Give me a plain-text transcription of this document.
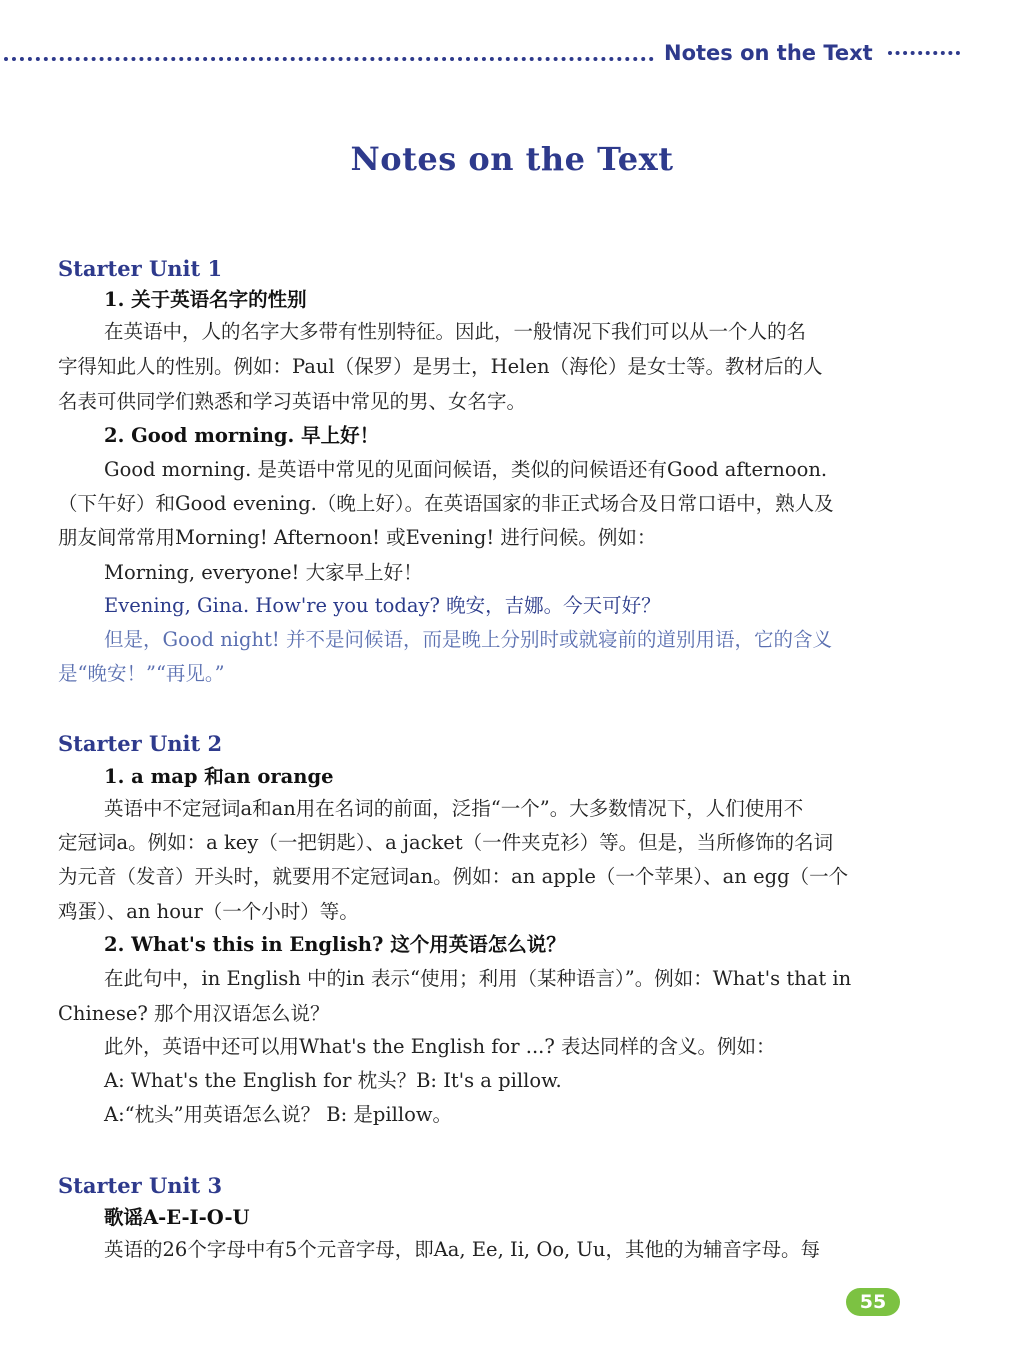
Notes on the Text
Notes on the Text
Starter Unit 1
1. 关于英语名字的性别
在英语中，人的名字大多带有性别特征。因此，一般情况下我们可以从一个人的名
字得知此人的性别。例如：Paul（保罗）是男士，Helen（海伦）是女士等。教材后的人
名表可供同学们熟悉和学习英语中常见的男、女名字。
2. Good morning. 早上好！
Good morning. 是英语中常见的见面问候语，类似的问候语还有Good afternoon.
（下午好）和Good evening.（晚上好）。在英语国家的非正式场合及日常口语中，熟人及
朋友间常常用Morning! Afternoon! 或Evening! 进行问候。例如：
Morning, everyone! 大家早上好！
Evening, Gina. How're you today? 晚安，吉娜。今天可好？
但是，Good night! 并不是问候语，而是晚上分别时或就寝前的道别用语，它的含义
是“晚安！”“再见。”
Starter Unit 2
1. a map 和an orange
英语中不定冠词a和an用在名词的前面，泛指“一个”。大多数情况下，人们使用不
定冠词a。例如：a key（一把钥匙）、a jacket（一件夹克衫）等。但是，当所修饰的名词
为元音（发音）开头时，就要用不定冠词an。例如：an apple（一个苹果）、an egg（一个
鸡蛋）、an hour（一个小时）等。
2. What's this in English? 这个用英语怎么说？
在此句中，in English 中的in 表示“使用；利用（某种语言）”。例如：What's that in
Chinese? 那个用汉语怎么说？
此外，英语中还可以用What's the English for ...? 表达同样的含义。例如：
A: What's the English for 枕头？B: It's a pillow.
A:“枕头”用英语怎么说？ B: 是pillow。
Starter Unit 3
歌谣A-E-I-O-U
英语的26个字母中有5个元音字母，即Aa, Ee, Ii, Oo, Uu，其他的为辅音字母。每
55
